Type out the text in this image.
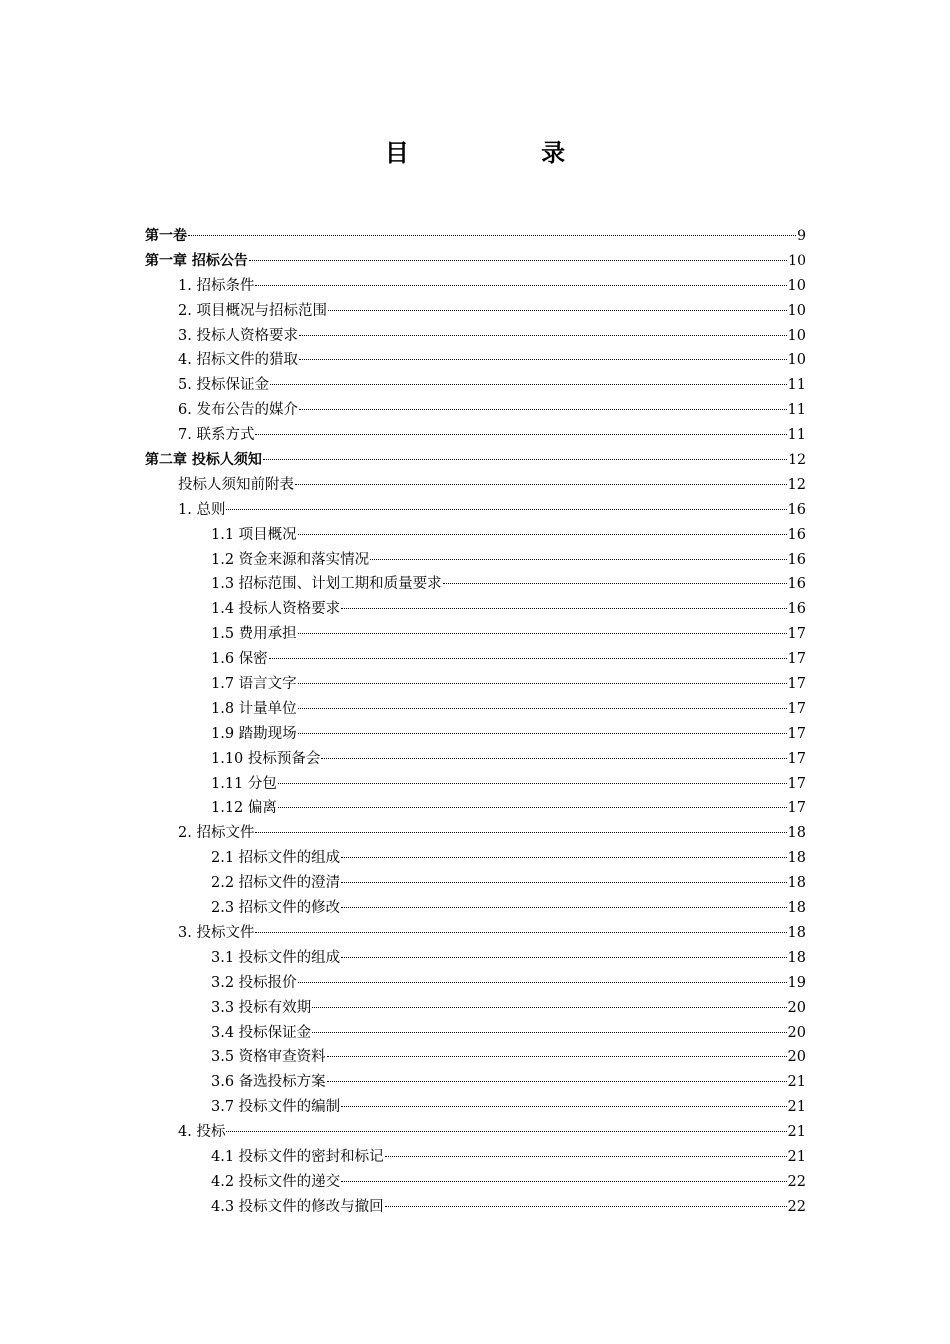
目 录
第一卷	9
第一章 招标公告	10
1. 招标条件	10
2. 项目概况与招标范围	10
3. 投标人资格要求	10
4. 招标文件的猎取	10
5. 投标保证金	11
6. 发布公告的媒介	11
7. 联系方式	11
第二章 投标人须知	12
投标人须知前附表	12
1. 总则	16
1.1 项目概况	16
1.2 资金来源和落实情况	16
1.3 招标范围、计划工期和质量要求	16
1.4 投标人资格要求	16
1.5 费用承担	17
1.6 保密	17
1.7 语言文字	17
1.8 计量单位	17
1.9 踏勘现场	17
1.10 投标预备会	17
1.11 分包	17
1.12 偏离	17
2. 招标文件	18
2.1 招标文件的组成	18
2.2 招标文件的澄清	18
2.3 招标文件的修改	18
3. 投标文件	18
3.1 投标文件的组成	18
3.2 投标报价	19
3.3 投标有效期	20
3.4 投标保证金	20
3.5 资格审查资料	20
3.6 备选投标方案	21
3.7 投标文件的编制	21
4. 投标	21
4.1 投标文件的密封和标记	21
4.2 投标文件的递交	22
4.3 投标文件的修改与撤回	22
